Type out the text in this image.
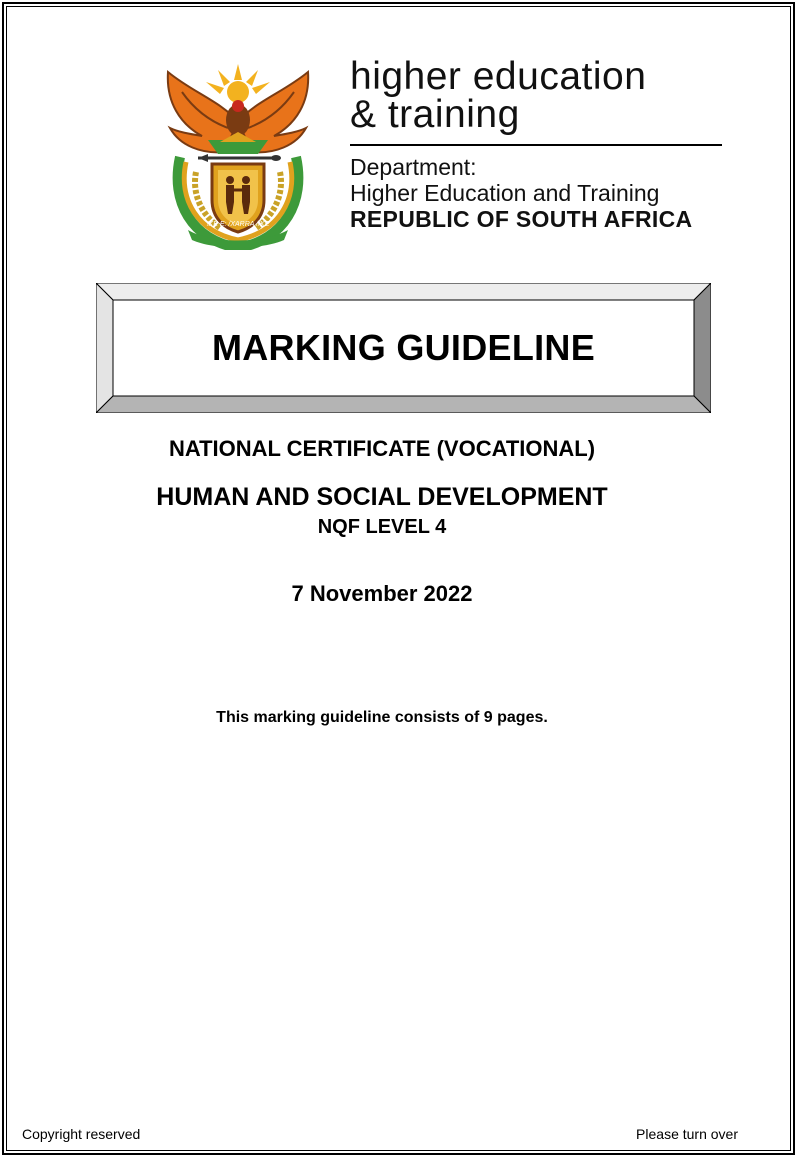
!KE E: /XARRA //KE
higher education
& training
Department:
Higher Education and Training
REPUBLIC OF SOUTH AFRICA
MARKING GUIDELINE

NATIONAL CERTIFICATE (VOCATIONAL)

HUMAN AND SOCIAL DEVELOPMENT

NQF LEVEL 4

7 November 2022

This marking guideline consists of 9 pages.

Copyright reserved	Please turn over
